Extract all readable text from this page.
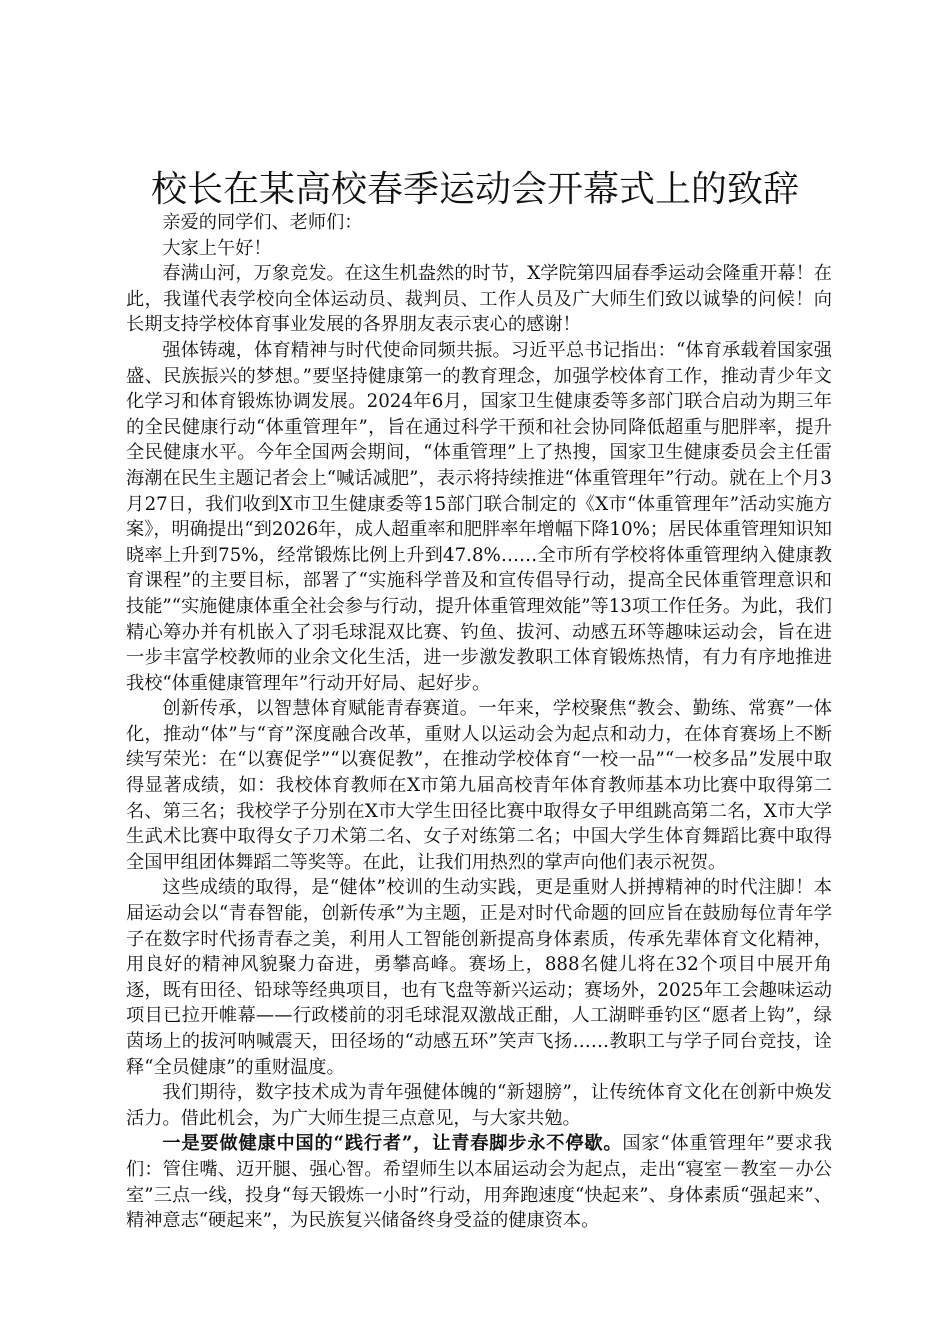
校长在某高校春季运动会开幕式上的致辞

亲爱的同学们、老师们：

大家上午好！

春满山河，万象竞发。在这生机盎然的时节，X学院第四届春季运动会隆重开幕！在此，我谨代表学校向全体运动员、裁判员、工作人员及广大师生们致以诚挚的问候！向长期支持学校体育事业发展的各界朋友表示衷心的感谢！

强体铸魂，体育精神与时代使命同频共振。习近平总书记指出：“体育承载着国家强盛、民族振兴的梦想。”要坚持健康第一的教育理念，加强学校体育工作，推动青少年文化学习和体育锻炼协调发展。2024年6月，国家卫生健康委等多部门联合启动为期三年的全民健康行动“体重管理年”，旨在通过科学干预和社会协同降低超重与肥胖率，提升全民健康水平。今年全国两会期间，“体重管理”上了热搜，国家卫生健康委员会主任雷海潮在民生主题记者会上“喊话减肥”，表示将持续推进“体重管理年”行动。就在上个月3月27日，我们收到X市卫生健康委等15部门联合制定的《X市“体重管理年”活动实施方案》，明确提出“到2026年，成人超重率和肥胖率年增幅下降10%；居民体重管理知识知晓率上升到75%，经常锻炼比例上升到47.8%……全市所有学校将体重管理纳入健康教育课程”的主要目标，部署了“实施科学普及和宣传倡导行动，提高全民体重管理意识和技能”“实施健康体重全社会参与行动，提升体重管理效能”等13项工作任务。为此，我们精心筹办并有机嵌入了羽毛球混双比赛、钓鱼、拔河、动感五环等趣味运动会，旨在进一步丰富学校教师的业余文化生活，进一步激发教职工体育锻炼热情，有力有序地推进我校“体重健康管理年”行动开好局、起好步。

创新传承，以智慧体育赋能青春赛道。一年来，学校聚焦“教会、勤练、常赛”一体化，推动“体”与“育”深度融合改革，重财人以运动会为起点和动力，在体育赛场上不断续写荣光：在“以赛促学”“以赛促教”，在推动学校体育“一校一品”“一校多品”发展中取得显著成绩，如：我校体育教师在X市第九届高校青年体育教师基本功比赛中取得第二名、第三名；我校学子分别在X市大学生田径比赛中取得女子甲组跳高第二名，X市大学生武术比赛中取得女子刀术第二名、女子对练第二名；中国大学生体育舞蹈比赛中取得全国甲组团体舞蹈二等奖等。在此，让我们用热烈的掌声向他们表示祝贺。

这些成绩的取得，是“健体”校训的生动实践，更是重财人拼搏精神的时代注脚！本届运动会以“青春智能，创新传承”为主题，正是对时代命题的回应旨在鼓励每位青年学子在数字时代扬青春之美，利用人工智能创新提高身体素质，传承先辈体育文化精神，用良好的精神风貌聚力奋进，勇攀高峰。赛场上，888名健儿将在32个项目中展开角逐，既有田径、铅球等经典项目，也有飞盘等新兴运动；赛场外，2025年工会趣味运动项目已拉开帷幕——行政楼前的羽毛球混双激战正酣，人工湖畔垂钓区“愿者上钩”，绿茵场上的拔河呐喊震天，田径场的“动感五环”笑声飞扬……教职工与学子同台竞技，诠释“全员健康”的重财温度。

我们期待，数字技术成为青年强健体魄的“新翅膀”，让传统体育文化在创新中焕发活力。借此机会，为广大师生提三点意见，与大家共勉。

一是要做健康中国的“践行者”，让青春脚步永不停歇。国家“体重管理年”要求我们：管住嘴、迈开腿、强心智。希望师生以本届运动会为起点，走出“寝室－教室－办公室”三点一线，投身“每天锻炼一小时”行动，用奔跑速度“快起来”、身体素质“强起来”、精神意志“硬起来”，为民族复兴储备终身受益的健康资本。
